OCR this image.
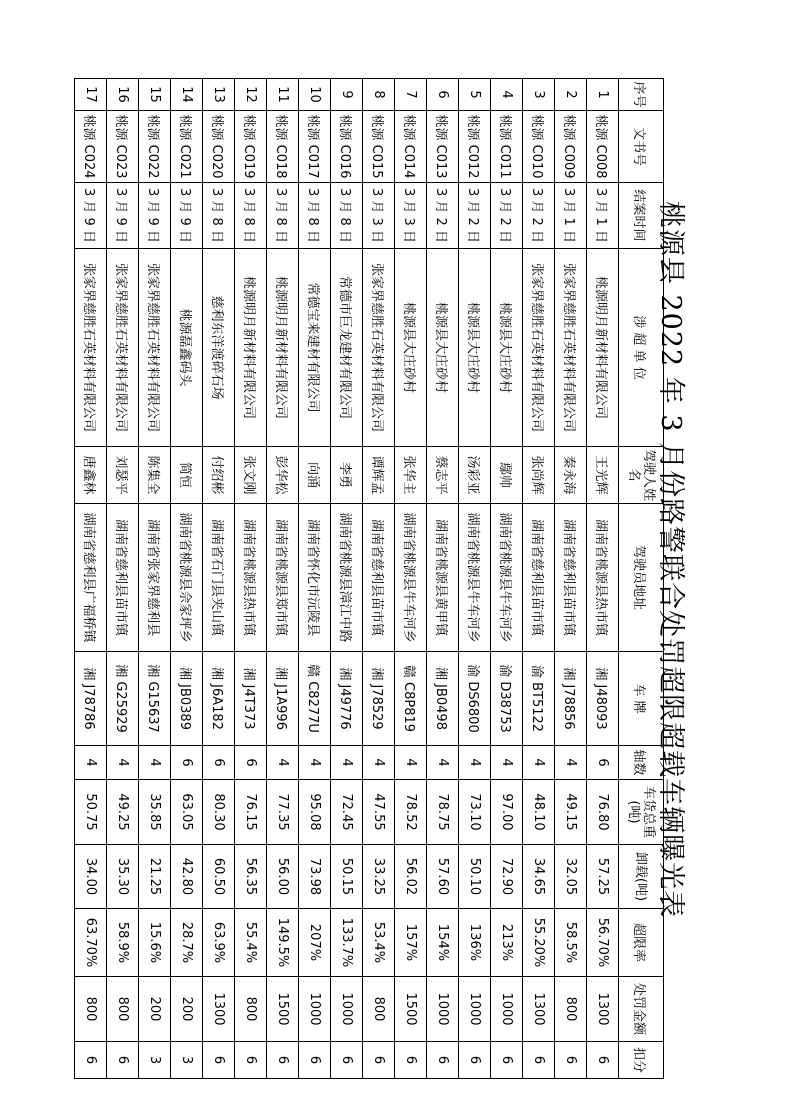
桃源县 2022 年 3 月份路警联合处罚超限超载车辆曝光表
序号	文书号	结案时间	涉 超 单 位	驾驶人姓名	驾驶员地址	车 牌	轴数	车货总重(吨)	卸载(吨)	超限率	处罚金额	扣分
1	桃源 C008	3 月 1 日	桃源明月新材料有限公司	王光辉	湖南省桃源县热市镇	湘 J48093	6	76.80	57.25	56.70%	1300	6
2	桃源 C009	3 月 1 日	张家界慈胜石英材料有限公司	秦永海	湖南省慈利县苗市镇	湘 J78856	4	49.15	32.05	58.5%	800	6
3	桃源 C010	3 月 2 日	张家界慈胜石英材料有限公司	张尚辉	湖南省慈利县苗市镇	渝 BT5122	4	48.10	34.65	55.20%	1300	6
4	桃源 C011	3 月 2 日	桃源县大庄砂村	鄢帅	湖南省桃源县牛车河乡	渝 D38753	4	97.00	72.90	213%	1000	6
5	桃源 C012	3 月 2 日	桃源县大庄砂村	汤彩亚	湖南省桃源县牛车河乡	渝 DS6800	4	73.10	50.10	136%	1000	6
6	桃源 C013	3 月 2 日	桃源县大庄砂村	蔡志平	湖南省桃源县黄甲镇	湘 JB0498	4	78.75	57.60	154%	1000	6
7	桃源 C014	3 月 3 日	桃源县大庄砂村	张华主	湖南省桃源县牛车河乡	赣 C8P819	4	78.52	56.02	157%	1500	6
8	桃源 C015	3 月 3 日	张家界慈胜石英材料有限公司	谭辉孟	湖南省慈利县苗市镇	湘 J78529	4	47.55	33.25	53.4%	800	6
9	桃源 C016	3 月 8 日	常德市巨龙建材有限公司	李勇	湖南省桃源县漳江中路	湘 J49776	4	72.45	50.15	133.7%	1000	6
10	桃源 C017	3 月 8 日	常德宝来建材有限公司	向涌	湖南省怀化市沅陵县	赣 C8277U	4	95.08	73.98	207%	1000	6
11	桃源 C018	3 月 8 日	桃源明月新材料有限公司	彭华松	湖南省桃源县郑市镇	湘 J1A996	4	77.35	56.00	149.5%	1500	6
12	桃源 C019	3 月 8 日	桃源明月新材料有限公司	张文刚	湖南省桃源县热市镇	湘 J4T373	6	76.15	56.35	55.4%	800	6
13	桃源 C020	3 月 8 日	慈利东洋渡碎石场	付绍彬	湖南省石门县夹山镇	湘 J6A182	6	80.30	60.50	63.9%	1300	6
14	桃源 C021	3 月 9 日	桃源磊鑫码头	简恒	湖南省桃源县佘家坪乡	湘 JB0389	6	63.05	42.80	28.7%	200	3
15	桃源 C022	3 月 9 日	张家界慈胜石英材料有限公司	陈集全	湖南省张家界慈利县	湘 G15637	4	35.85	21.25	15.6%	200	3
16	桃源 C023	3 月 9 日	张家界慈胜石英材料有限公司	刘瑟平	湖南省慈利县苗市镇	湘 G25929	4	49.25	35.30	58.9%	800	6
17	桃源 C024	3 月 9 日	张家界慈胜石英材料有限公司	唐鑫林	湖南省慈利县广福桥镇	湘 J78786	4	50.75	34.00	63.70%	800	6
